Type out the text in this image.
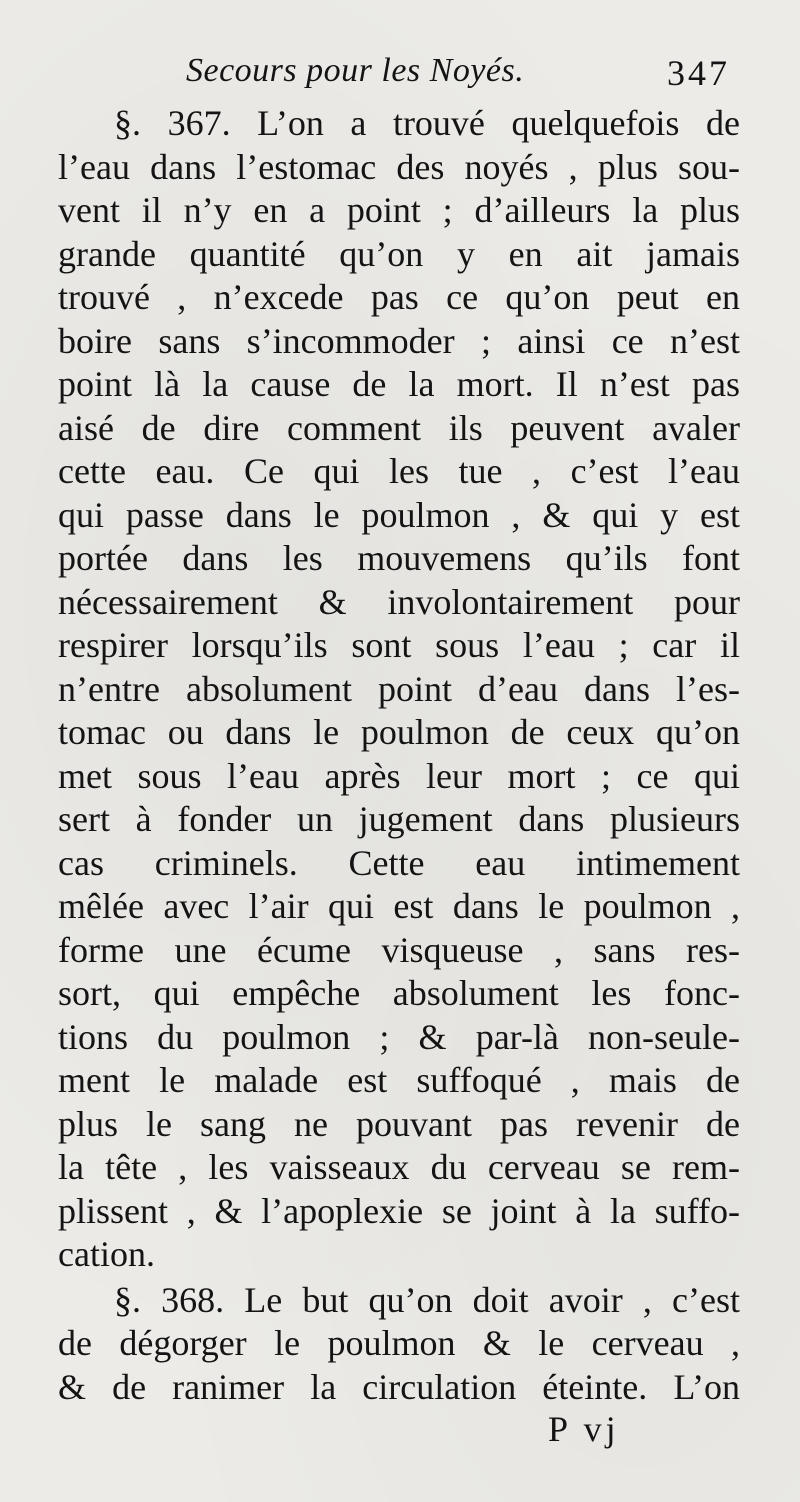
Secours pour les Noyés.	347
§. 367. L’on a trouvé quelquefois de
l’eau dans l’estomac des noyés , plus sou-
vent il n’y en a point ; d’ailleurs la plus
grande quantité qu’on y en ait jamais
trouvé , n’excede pas ce qu’on peut en
boire sans s’incommoder ; ainsi ce n’est
point là la cause de la mort. Il n’est pas
aisé de dire comment ils peuvent avaler
cette eau. Ce qui les tue , c’est l’eau
qui passe dans le poulmon , & qui y est
portée dans les mouvemens qu’ils font
nécessairement & involontairement pour
respirer lorsqu’ils sont sous l’eau ; car il
n’entre absolument point d’eau dans l’es-
tomac ou dans le poulmon de ceux qu’on
met sous l’eau après leur mort ; ce qui
sert à fonder un jugement dans plusieurs
cas criminels. Cette eau intimement
mêlée avec l’air qui est dans le poulmon ,
forme une écume visqueuse , sans res-
sort, qui empêche absolument les fonc-
tions du poulmon ; & par-là non-seule-
ment le malade est suffoqué , mais de
plus le sang ne pouvant pas revenir de
la tête , les vaisseaux du cerveau se rem-
plissent , & l’apoplexie se joint à la suffo-
cation.
§. 368. Le but qu’on doit avoir , c’est
de dégorger le poulmon & le cerveau ,
& de ranimer la circulation éteinte. L’on
P vj
